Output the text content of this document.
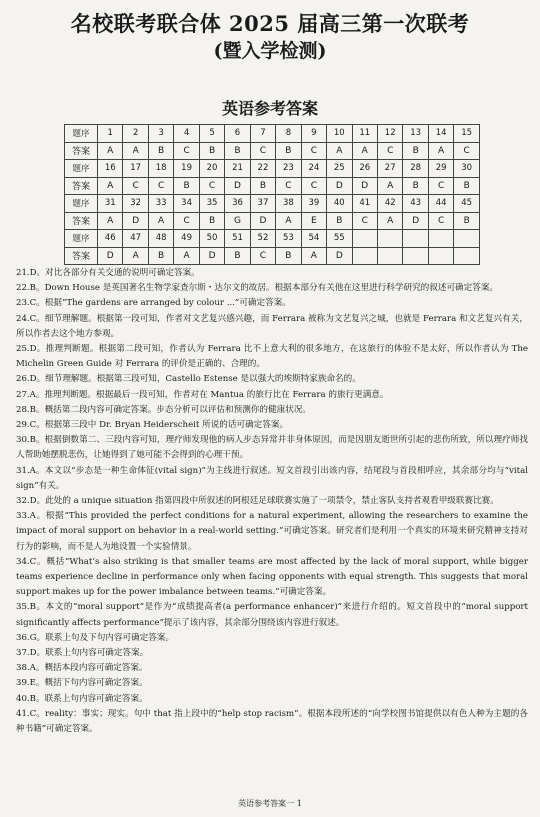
名校联考联合体 2025 届高三第一次联考
(暨入学检测)
英语参考答案
题序	1	2	3	4	5	6	7	8	9	10	11	12	13	14	15
答案	A	A	B	C	B	B	C	B	C	A	A	C	B	A	C
题序	16	17	18	19	20	21	22	23	24	25	26	27	28	29	30
答案	A	C	C	B	C	D	B	C	C	D	D	A	B	C	B
题序	31	32	33	34	35	36	37	38	39	40	41	42	43	44	45
答案	A	D	A	C	B	G	D	A	E	B	C	A	D	C	B
题序	46	47	48	49	50	51	52	53	54	55					
答案	D	A	B	A	D	B	C	B	A	D					

21.D。对比各部分有关交通的说明可确定答案。

22.B。Down House 是英国著名生物学家查尔斯・达尔文的故居。根据本部分有关他在这里进行科学研究的叙述可确定答案。

23.C。根据“The gardens are arranged by colour ...”可确定答案。

24.C。细节理解题。根据第一段可知，作者对文艺复兴感兴趣，而 Ferrara 被称为文艺复兴之城，也就是 Ferrara 和文艺复兴有关，所以作者去这个地方参观。

25.D。推理判断题。根据第二段可知，作者认为 Ferrara 比不上意大利的很多地方，在这旅行的体验不是太好，所以作者认为 The Michelin Green Guide 对 Ferrara 的评价是正确的、合理的。

26.D。细节理解题。根据第三段可知，Castello Estense 是以强大的埃斯特家族命名的。

27.A。推理判断题。根据最后一段可知，作者对在 Mantua 的旅行比在 Ferrara 的旅行更满意。

28.B。概括第二段内容可确定答案。步态分析可以评估和预测你的健康状况。

29.C。根据第三段中 Dr. Bryan Heiderscheit 所说的话可确定答案。

30.B。根据倒数第二、三段内容可知，理疗师发现他的病人步态异常并非身体原因，而是因朋友逝世所引起的悲伤所致，所以理疗师找人帮助她摆脱悲伤，让她得到了她可能不会得到的心理干预。

31.A。本文以“步态是一种生命体征(vital sign)”为主线进行叙述。短文首段引出该内容，结尾段与首段相呼应，其余部分均与“vital sign”有关。

32.D。此处的 a unique situation 指第四段中所叙述的阿根廷足球联赛实施了一项禁令，禁止客队支持者观看甲级联赛比赛。

33.A。根据“This provided the perfect conditions for a natural experiment, allowing the researchers to examine the impact of moral support on behavior in a real-world setting.”可确定答案。研究者们是利用一个真实的环境来研究精神支持对行为的影响，而不是人为地设置一个实验情景。

34.C。概括“What’s also striking is that smaller teams are most affected by the lack of moral support, while bigger teams experience decline in performance only when facing opponents with equal strength. This suggests that moral support makes up for the power imbalance between teams.”可确定答案。

35.B。本文的“moral support”是作为“成绩提高者(a performance enhancer)”来进行介绍的。短文首段中的“moral support significantly affects performance”提示了该内容，其余部分围绕该内容进行叙述。

36.G。联系上句及下句内容可确定答案。

37.D。联系上句内容可确定答案。

38.A。概括本段内容可确定答案。

39.E。概括下句内容可确定答案。

40.B。联系上句内容可确定答案。

41.C。reality：事实；现实。句中 that 指上段中的“help stop racism”。根据本段所述的“向学校图书馆提供以有色人种为主题的各种书籍”可确定答案。

英语参考答案一 1
